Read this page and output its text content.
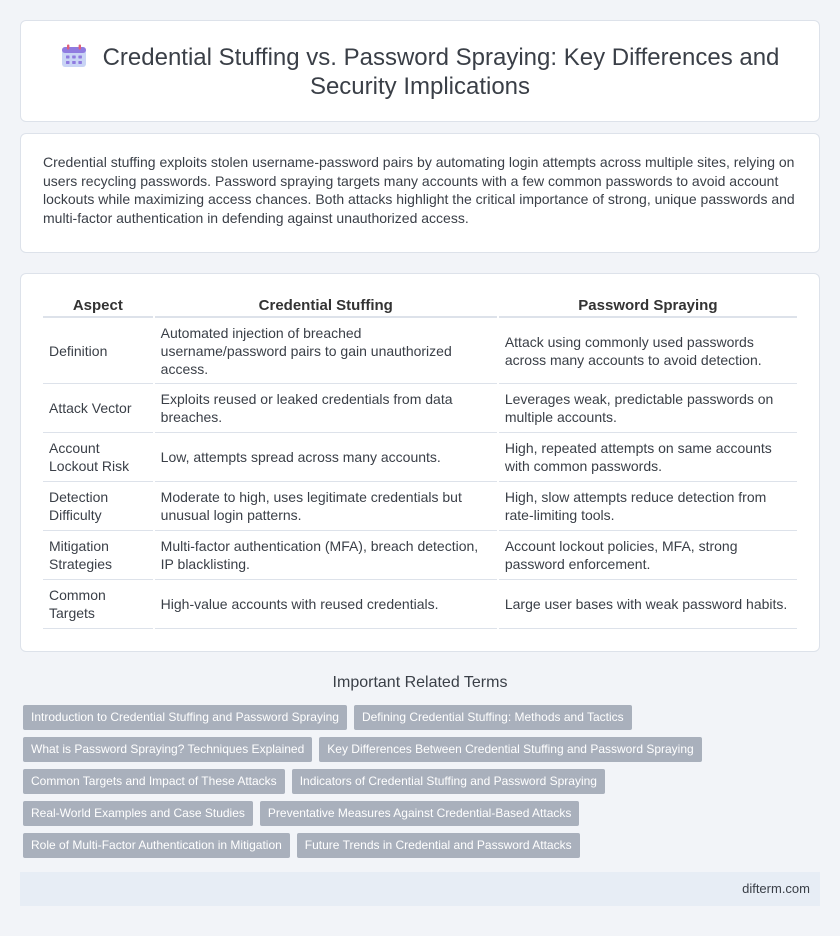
Credential Stuffing vs. Password Spraying: Key Differences and Security Implications

Credential stuffing exploits stolen username-password pairs by automating login attempts across multiple sites, relying on users recycling passwords. Password spraying targets many accounts with a few common passwords to avoid account lockouts while maximizing access chances. Both attacks highlight the critical importance of strong, unique passwords and multi-factor authentication in defending against unauthorized access.

Aspect	Credential Stuffing	Password Spraying
Definition	Automated injection of breached username/password pairs to gain unauthorized access.	Attack using commonly used passwords across many accounts to avoid detection.
Attack Vector	Exploits reused or leaked credentials from data breaches.	Leverages weak, predictable passwords on multiple accounts.
Account Lockout Risk	Low, attempts spread across many accounts.	High, repeated attempts on same accounts with common passwords.
Detection Difficulty	Moderate to high, uses legitimate credentials but unusual login patterns.	High, slow attempts reduce detection from rate-limiting tools.
Mitigation Strategies	Multi-factor authentication (MFA), breach detection, IP blacklisting.	Account lockout policies, MFA, strong password enforcement.
Common Targets	High-value accounts with reused credentials.	Large user bases with weak password habits.
Important Related Terms
Introduction to Credential Stuffing and Password Spraying	Defining Credential Stuffing: Methods and Tactics
What is Password Spraying? Techniques Explained	Key Differences Between Credential Stuffing and Password Spraying
Common Targets and Impact of These Attacks	Indicators of Credential Stuffing and Password Spraying
Real-World Examples and Case Studies	Preventative Measures Against Credential-Based Attacks
Role of Multi-Factor Authentication in Mitigation	Future Trends in Credential and Password Attacks
difterm.com
